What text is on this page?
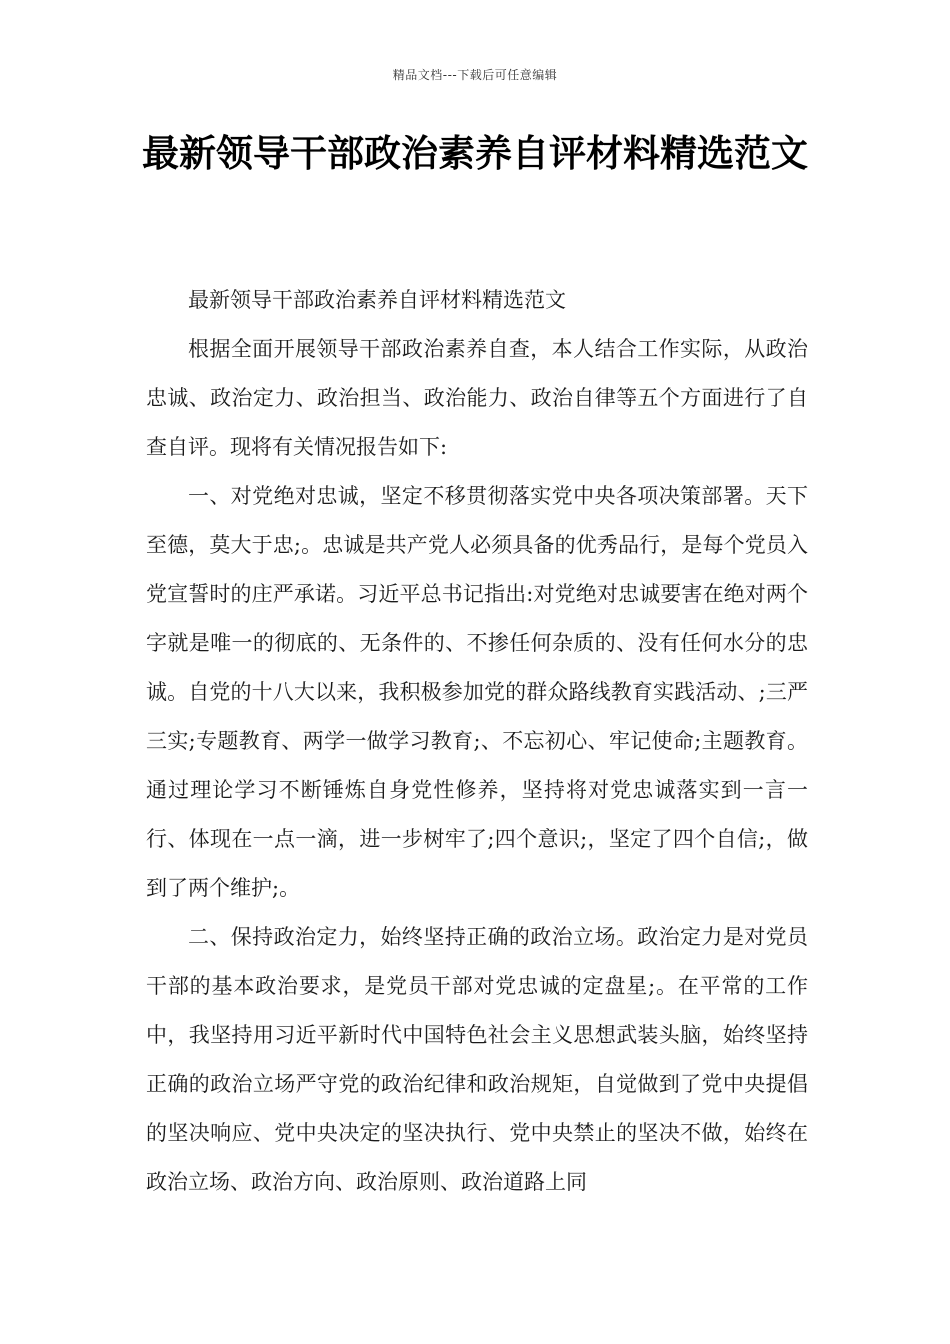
精品文档---下载后可任意编辑
最新领导干部政治素养自评材料精选范文

最新领导干部政治素养自评材料精选范文

根据全面开展领导干部政治素养自查，本人结合工作实际，从政治忠诚、政治定力、政治担当、政治能力、政治自律等五个方面进行了自查自评。现将有关情况报告如下:

一、对党绝对忠诚，坚定不移贯彻落实党中央各项决策部署。天下至德，莫大于忠;。忠诚是共产党人必须具备的优秀品行，是每个党员入党宣誓时的庄严承诺。习近平总书记指出:对党绝对忠诚要害在绝对两个字就是唯一的彻底的、无条件的、不掺任何杂质的、没有任何水分的忠诚。自党的十八大以来，我积极参加党的群众路线教育实践活动、;三严三实;专题教育、两学一做学习教育;、不忘初心、牢记使命;主题教育。通过理论学习不断锤炼自身党性修养，坚持将对党忠诚落实到一言一行、体现在一点一滴，进一步树牢了;四个意识;，坚定了四个自信;，做到了两个维护;。

二、保持政治定力，始终坚持正确的政治立场。政治定力是对党员干部的基本政治要求，是党员干部对党忠诚的定盘星;。在平常的工作中，我坚持用习近平新时代中国特色社会主义思想武装头脑，始终坚持正确的政治立场严守党的政治纪律和政治规矩，自觉做到了党中央提倡的坚决响应、党中央决定的坚决执行、党中央禁止的坚决不做，始终在政治立场、政治方向、政治原则、政治道路上同
